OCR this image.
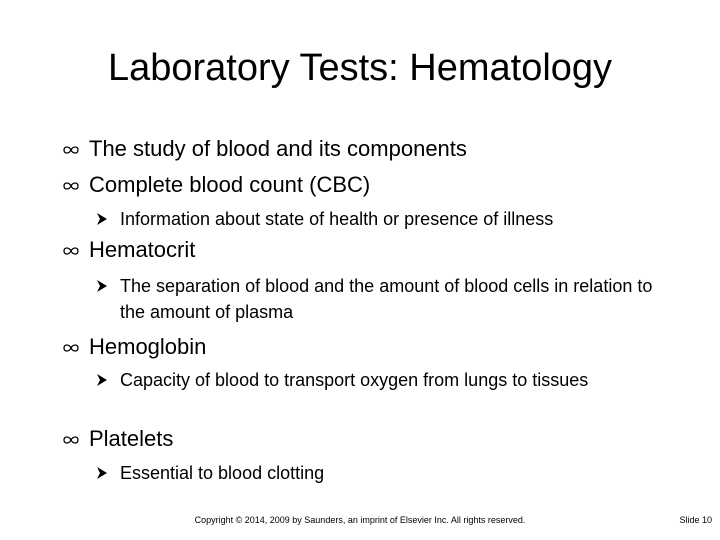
Laboratory Tests: Hematology
The study of blood and its components
Complete blood count (CBC)
Information about state of health or presence of illness
Hematocrit
The separation of blood and the amount of blood cells in relation to the amount of plasma
Hemoglobin
Capacity of blood to transport oxygen from lungs to tissues
Platelets
Essential to blood clotting
Copyright © 2014, 2009 by Saunders, an imprint of Elsevier Inc. All rights reserved.	Slide 10
